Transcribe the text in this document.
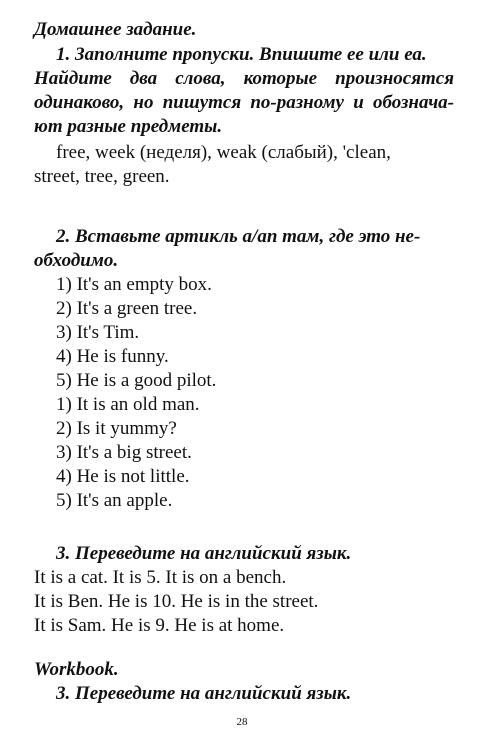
Домашнее задание.
1. Заполните пропуски. Впишите ее или еа.
Найдите два слова, которые произносятся
одинаково, но пишутся по-разному и обознача-
ют разные предметы.
free, week (неделя), weak (слабый), 'clean,
street, tree, green.
2. Вставьте артикль a/an там, где это не-
обходимо.
1) It's an empty box.
2) It's a green tree.
3) It's Tim.
4) He is funny.
5) He is a good pilot.
1) It is an old man.
2) Is it yummy?
3) It's a big street.
4) He is not little.
5) It's an apple.
3. Переведите на английский язык.
It is a cat. It is 5. It is on a bench.
It is Ben. He is 10. He is in the street.
It is Sam. He is 9. He is at home.
Workbook.
3. Переведите на английский язык.
28
